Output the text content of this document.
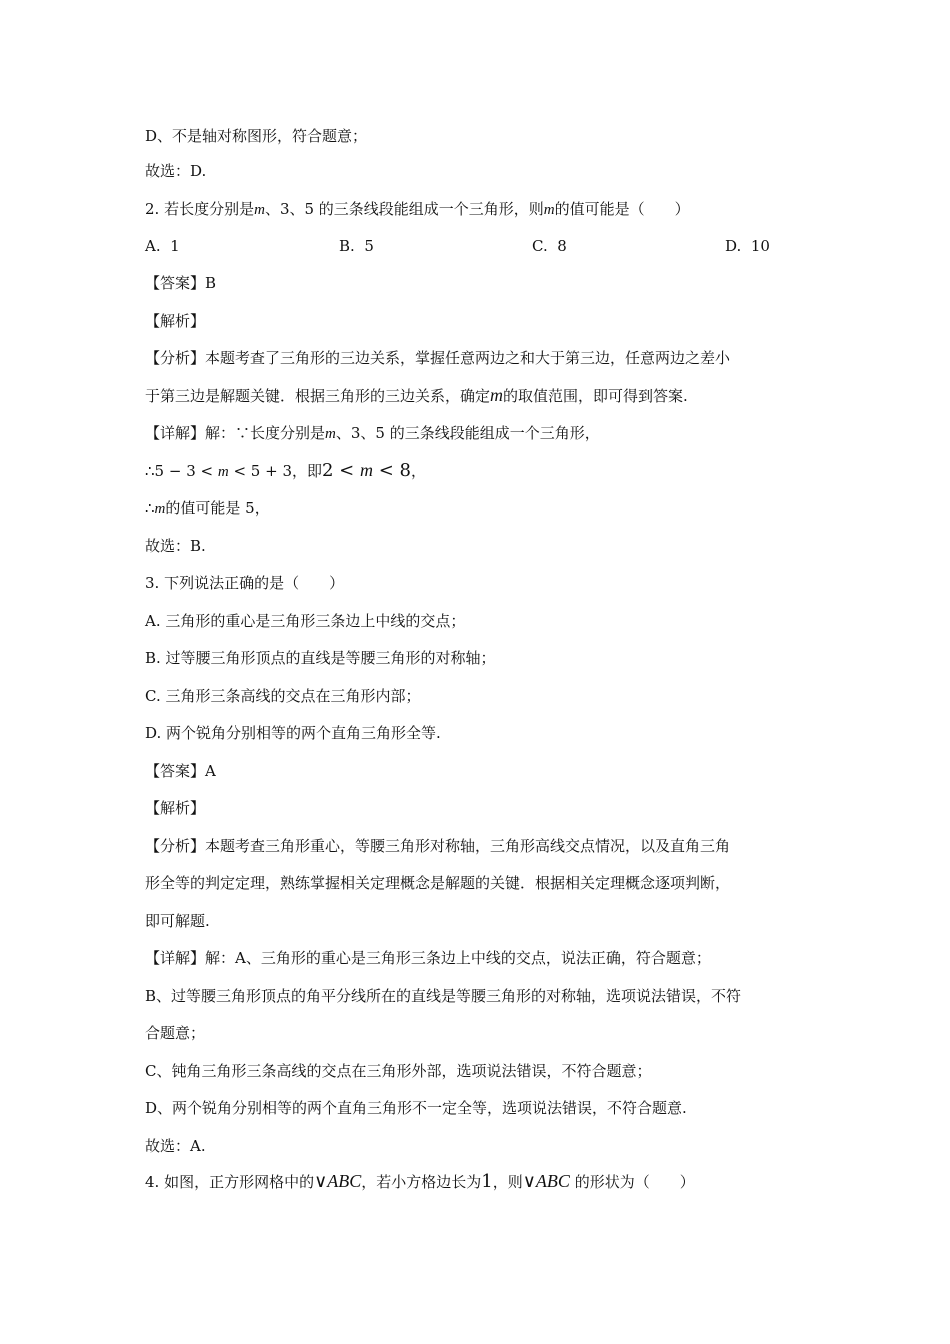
D、不是轴对称图形，符合题意；
故选：D.
2. 若长度分别是m、3、5 的三条线段能组成一个三角形，则m的值可能是（　　）
A. 1	B. 5	C. 8	D. 10
【答案】B
【解析】
【分析】本题考查了三角形的三边关系，掌握任意两边之和大于第三边，任意两边之差小
于第三边是解题关键．根据三角形的三边关系，确定m的取值范围，即可得到答案.
【详解】解：∵长度分别是m、3、5 的三条线段能组成一个三角形，
∴5 − 3 < m < 5 + 3，即2 < m < 8，
∴m的值可能是 5，
故选：B.
3. 下列说法正确的是（　　）
A. 三角形的重心是三角形三条边上中线的交点；
B. 过等腰三角形顶点的直线是等腰三角形的对称轴；
C. 三角形三条高线的交点在三角形内部；
D. 两个锐角分别相等的两个直角三角形全等.
【答案】A
【解析】
【分析】本题考查三角形重心，等腰三角形对称轴，三角形高线交点情况，以及直角三角
形全等的判定定理，熟练掌握相关定理概念是解题的关键．根据相关定理概念逐项判断，
即可解题.
【详解】解：A、三角形的重心是三角形三条边上中线的交点，说法正确，符合题意；
B、过等腰三角形顶点的角平分线所在的直线是等腰三角形的对称轴，选项说法错误，不符
合题意；
C、钝角三角形三条高线的交点在三角形外部，选项说法错误，不符合题意；
D、两个锐角分别相等的两个直角三角形不一定全等，选项说法错误，不符合题意.
故选：A.
4. 如图，正方形网格中的∨ABC，若小方格边长为1，则∨ABC 的形状为（　　）
